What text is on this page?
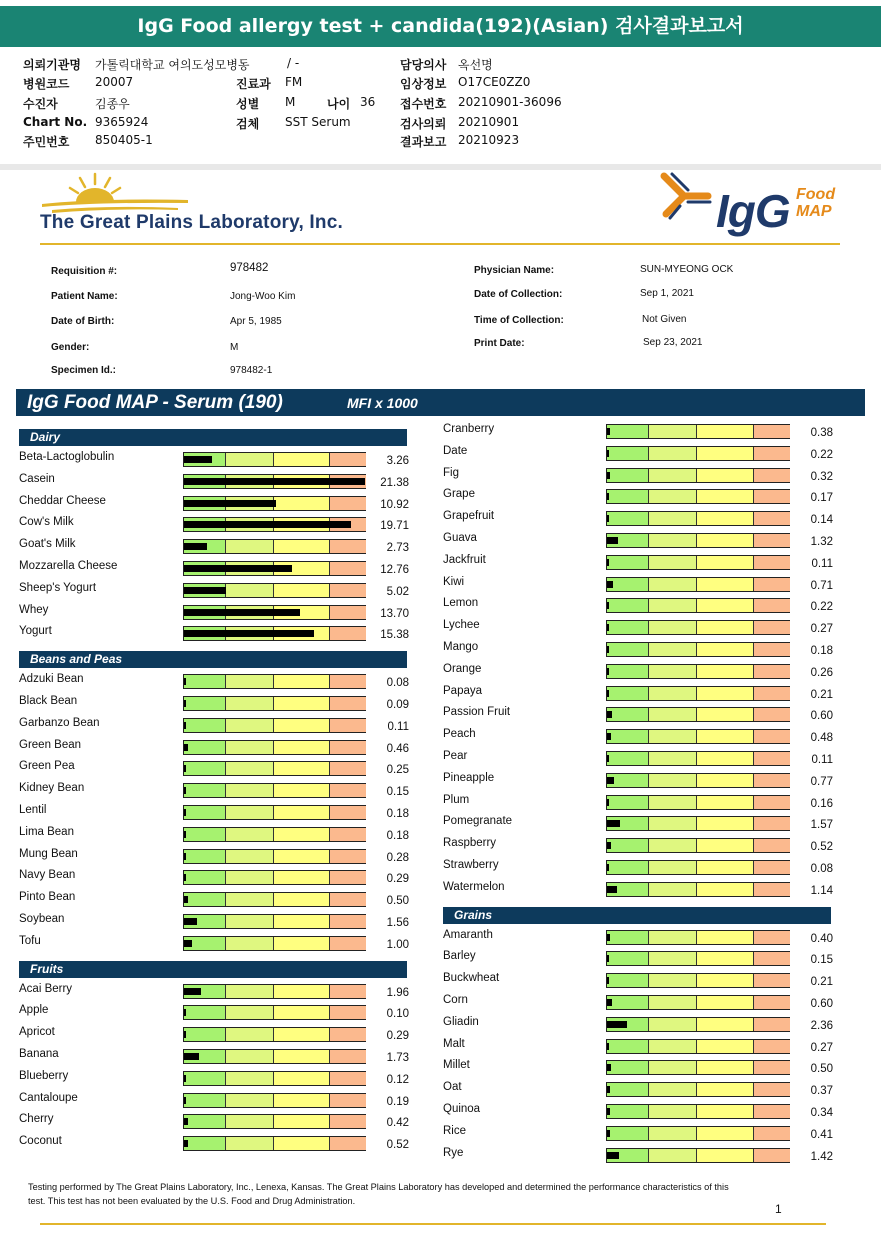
IgG Food allergy test + candida(192)(Asian) 검사결과보고서
의뢰기관명 가톨릭대학교 여의도성모병동
병원코드 20007
수진자	김종우
Chart No. 9365924
주민번호 850405-1
/ -
진료과 FM
성별 M
검체 SST Serum
나이 36
담당의사 옥선명
임상정보 O17CE0ZZ0
접수번호 20210901-36096
검사의뢰 20210901
결과보고 20210923
The Great Plains Laboratory, Inc.	IgG Food
MAP
Requisition #:	978482
Patient Name:	Jong-Woo Kim
Date of Birth:	Apr 5, 1985
Gender:	M
Specimen Id.:	978482-1
Physician Name:	SUN-MYEONG OCK
Date of Collection:	Sep 1, 2021
Time of Collection:	Not Given
Print Date:	Sep 23, 2021
IgG Food MAP - Serum (190)	MFI x 1000
Dairy
Beta-Lactoglobulin	3.26
Casein	21.38
Cheddar Cheese	10.92
Cow's Milk	19.71
Goat's Milk	2.73
Mozzarella Cheese	12.76
Sheep's Yogurt	5.02
Whey	13.70
Yogurt	15.38
Beans and Peas
Adzuki Bean	0.08
Black Bean	0.09
Garbanzo Bean	0.11
Green Bean	0.46
Green Pea	0.25
Kidney Bean	0.15
Lentil	0.18
Lima Bean	0.18
Mung Bean	0.28
Navy Bean	0.29
Pinto Bean	0.50
Soybean	1.56
Tofu	1.00
Fruits
Acai Berry	1.96
Apple	0.10
Apricot	0.29
Banana	1.73
Blueberry	0.12
Cantaloupe	0.19
Cherry	0.42
Coconut	0.52
Cranberry	0.38
Date	0.22
Fig	0.32
Grape	0.17
Grapefruit	0.14
Guava	1.32
Jackfruit	0.11
Kiwi	0.71
Lemon	0.22
Lychee	0.27
Mango	0.18
Orange	0.26
Papaya	0.21
Passion Fruit	0.60
Peach	0.48
Pear	0.11
Pineapple	0.77
Plum	0.16
Pomegranate	1.57
Raspberry	0.52
Strawberry	0.08
Watermelon	1.14
Grains
Amaranth	0.40
Barley	0.15
Buckwheat	0.21
Corn	0.60
Gliadin	2.36
Malt	0.27
Millet	0.50
Oat	0.37
Quinoa	0.34
Rice	0.41
Rye	1.42
Testing performed by The Great Plains Laboratory, Inc., Lenexa, Kansas. The Great Plains Laboratory has developed and determined the performance characteristics of this test. This test has not been evaluated by the U.S. Food and Drug Administration.
1
